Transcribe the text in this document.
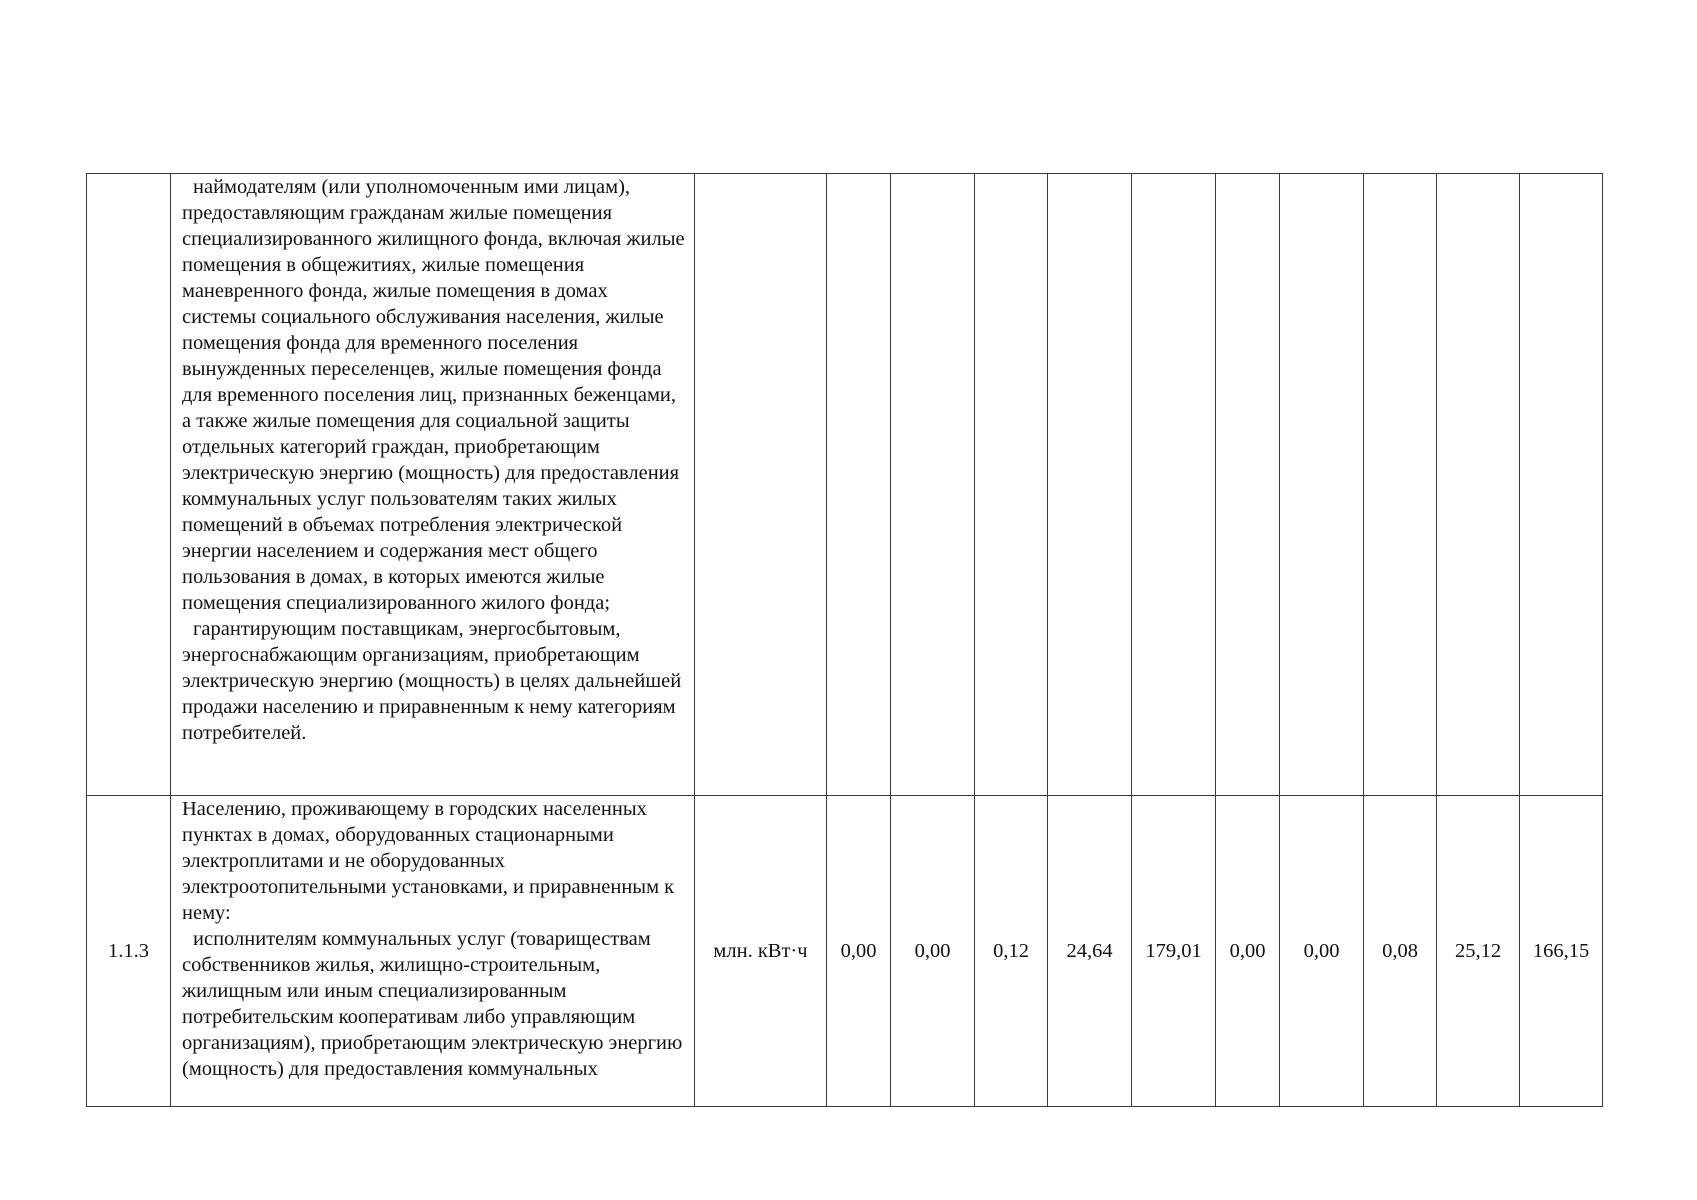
	наймодателям (или уполномоченным ими лицам), предоставляющим гражданам жилые помещения специализированного жилищного фонда, включая жилые помещения в общежитиях, жилые помещения маневренного фонда, жилые помещения в домах системы социального обслуживания населения, жилые помещения фонда для временного поселения вынужденных переселенцев, жилые помещения фонда для временного поселения лиц, признанных беженцами, а также жилые помещения для социальной защиты отдельных категорий граждан, приобретающим электрическую энергию (мощность) для предоставления коммунальных услуг пользователям таких жилых помещений в объемах потребления электрической энергии населением и содержания мест общего пользования в домах, в которых имеются жилые помещения специализированного жилого фонда;
гарантирующим поставщикам, энергосбытовым, энергоснабжающим организациям, приобретающим электрическую энергию (мощность) в целях дальнейшей продажи населению и приравненным к нему категориям потребителей.											

1.1.3	Населению, проживающему в городских населенных пунктах в домах, оборудованных стационарными электроплитами и не оборудованных электроотопительными установками, и приравненным к нему:
исполнителям коммунальных услуг (товариществам собственников жилья, жилищно-строительным, жилищным или иным специализированным потребительским кооперативам либо управляющим организациям), приобретающим электрическую энергию (мощность) для предоставления коммунальных	млн. кВт·ч	0,00	0,00	0,12	24,64	179,01	0,00	0,00	0,08	25,12	166,15
